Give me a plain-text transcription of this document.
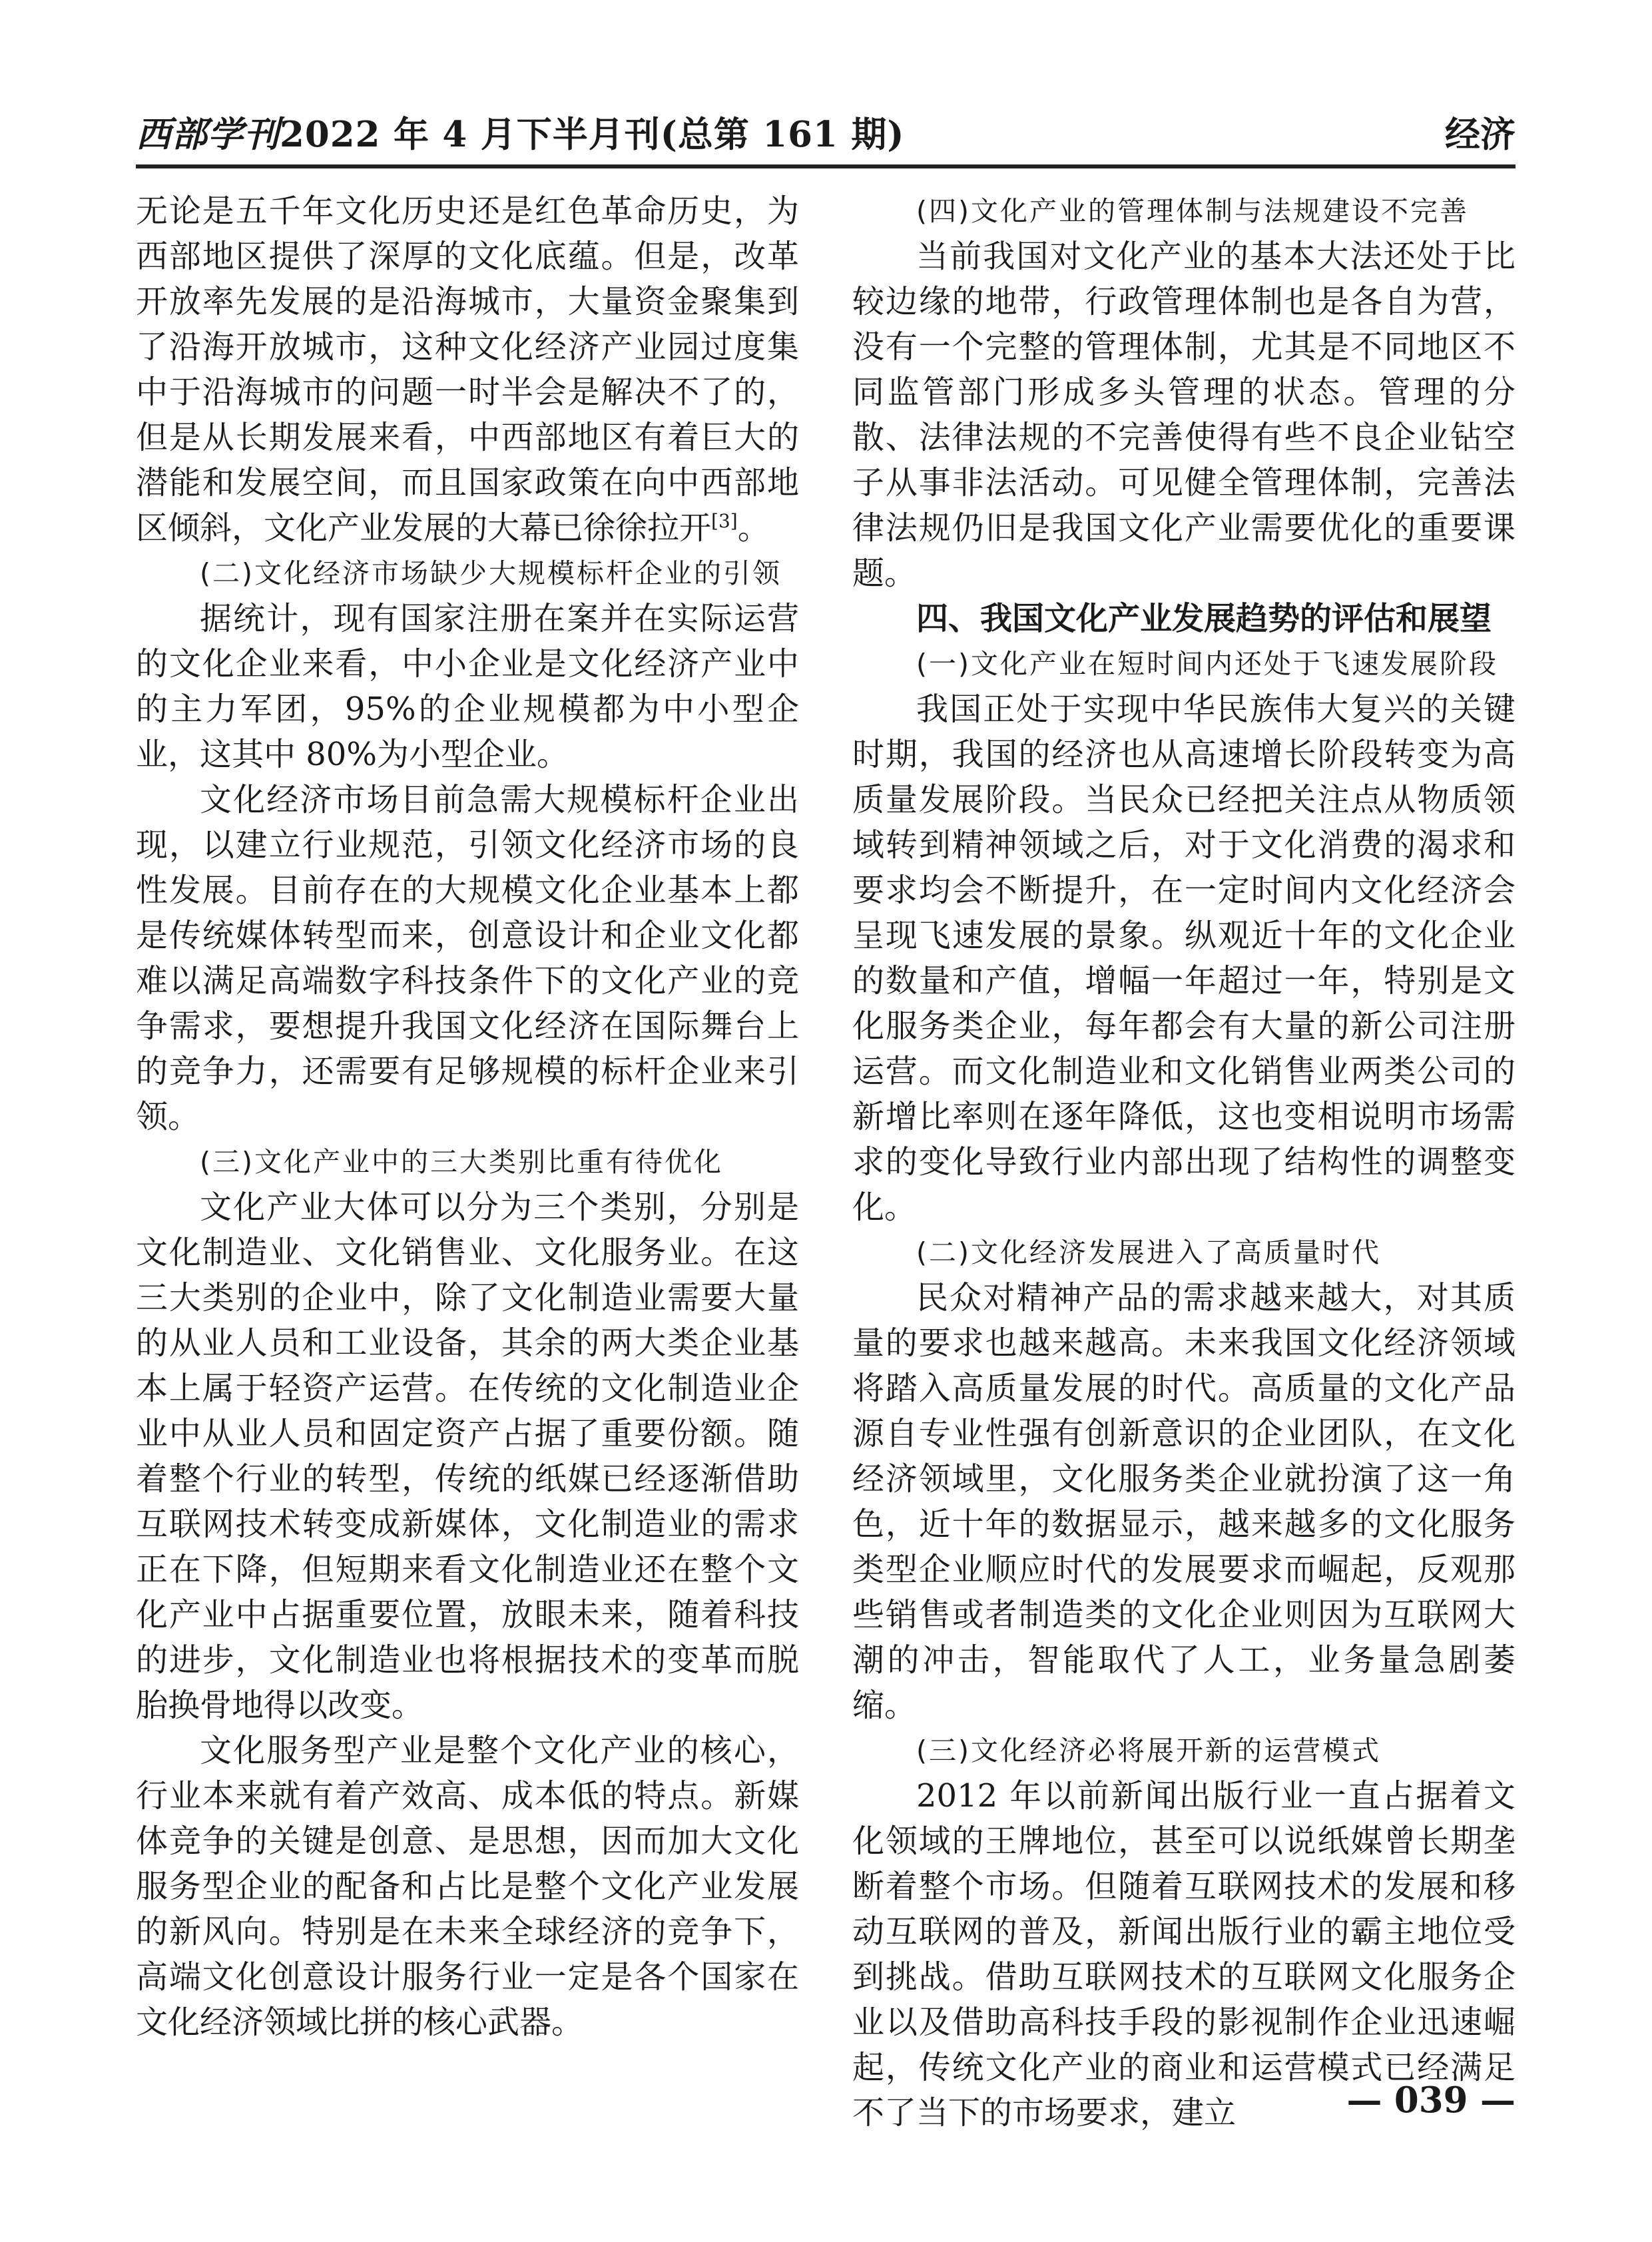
西部学刊2022 年 4 月下半月刊(总第 161 期)	经济

无论是五千年文化历史还是红色革命历史，为西部地区提供了深厚的文化底蕴。但是，改革开放率先发展的是沿海城市，大量资金聚集到了沿海开放城市，这种文化经济产业园过度集中于沿海城市的问题一时半会是解决不了的，但是从长期发展来看，中西部地区有着巨大的潜能和发展空间，而且国家政策在向中西部地区倾斜，文化产业发展的大幕已徐徐拉开[3]。

(二)文化经济市场缺少大规模标杆企业的引领

据统计，现有国家注册在案并在实际运营的文化企业来看，中小企业是文化经济产业中的主力军团，95%的企业规模都为中小型企业，这其中 80%为小型企业。

文化经济市场目前急需大规模标杆企业出现，以建立行业规范，引领文化经济市场的良性发展。目前存在的大规模文化企业基本上都是传统媒体转型而来，创意设计和企业文化都难以满足高端数字科技条件下的文化产业的竞争需求，要想提升我国文化经济在国际舞台上的竞争力，还需要有足够规模的标杆企业来引领。

(三)文化产业中的三大类别比重有待优化

文化产业大体可以分为三个类别，分别是文化制造业、文化销售业、文化服务业。在这三大类别的企业中，除了文化制造业需要大量的从业人员和工业设备，其余的两大类企业基本上属于轻资产运营。在传统的文化制造业企业中从业人员和固定资产占据了重要份额。随着整个行业的转型，传统的纸媒已经逐渐借助互联网技术转变成新媒体，文化制造业的需求正在下降，但短期来看文化制造业还在整个文化产业中占据重要位置，放眼未来，随着科技的进步，文化制造业也将根据技术的变革而脱胎换骨地得以改变。

文化服务型产业是整个文化产业的核心，行业本来就有着产效高、成本低的特点。新媒体竞争的关键是创意、是思想，因而加大文化服务型企业的配备和占比是整个文化产业发展的新风向。特别是在未来全球经济的竞争下，高端文化创意设计服务行业一定是各个国家在文化经济领域比拼的核心武器。

(四)文化产业的管理体制与法规建设不完善

当前我国对文化产业的基本大法还处于比较边缘的地带，行政管理体制也是各自为营，没有一个完整的管理体制，尤其是不同地区不同监管部门形成多头管理的状态。管理的分散、法律法规的不完善使得有些不良企业钻空子从事非法活动。可见健全管理体制，完善法律法规仍旧是我国文化产业需要优化的重要课题。

四、我国文化产业发展趋势的评估和展望

(一)文化产业在短时间内还处于飞速发展阶段

我国正处于实现中华民族伟大复兴的关键时期，我国的经济也从高速增长阶段转变为高质量发展阶段。当民众已经把关注点从物质领域转到精神领域之后，对于文化消费的渴求和要求均会不断提升，在一定时间内文化经济会呈现飞速发展的景象。纵观近十年的文化企业的数量和产值，增幅一年超过一年，特别是文化服务类企业，每年都会有大量的新公司注册运营。而文化制造业和文化销售业两类公司的新增比率则在逐年降低，这也变相说明市场需求的变化导致行业内部出现了结构性的调整变化。

(二)文化经济发展进入了高质量时代

民众对精神产品的需求越来越大，对其质量的要求也越来越高。未来我国文化经济领域将踏入高质量发展的时代。高质量的文化产品源自专业性强有创新意识的企业团队，在文化经济领域里，文化服务类企业就扮演了这一角色，近十年的数据显示，越来越多的文化服务类型企业顺应时代的发展要求而崛起，反观那些销售或者制造类的文化企业则因为互联网大潮的冲击，智能取代了人工，业务量急剧萎缩。

(三)文化经济必将展开新的运营模式

2012 年以前新闻出版行业一直占据着文化领域的王牌地位，甚至可以说纸媒曾长期垄断着整个市场。但随着互联网技术的发展和移动互联网的普及，新闻出版行业的霸主地位受到挑战。借助互联网技术的互联网文化服务企业以及借助高科技手段的影视制作企业迅速崛起，传统文化产业的商业和运营模式已经满足不了当下的市场要求，建立	— 039 —
